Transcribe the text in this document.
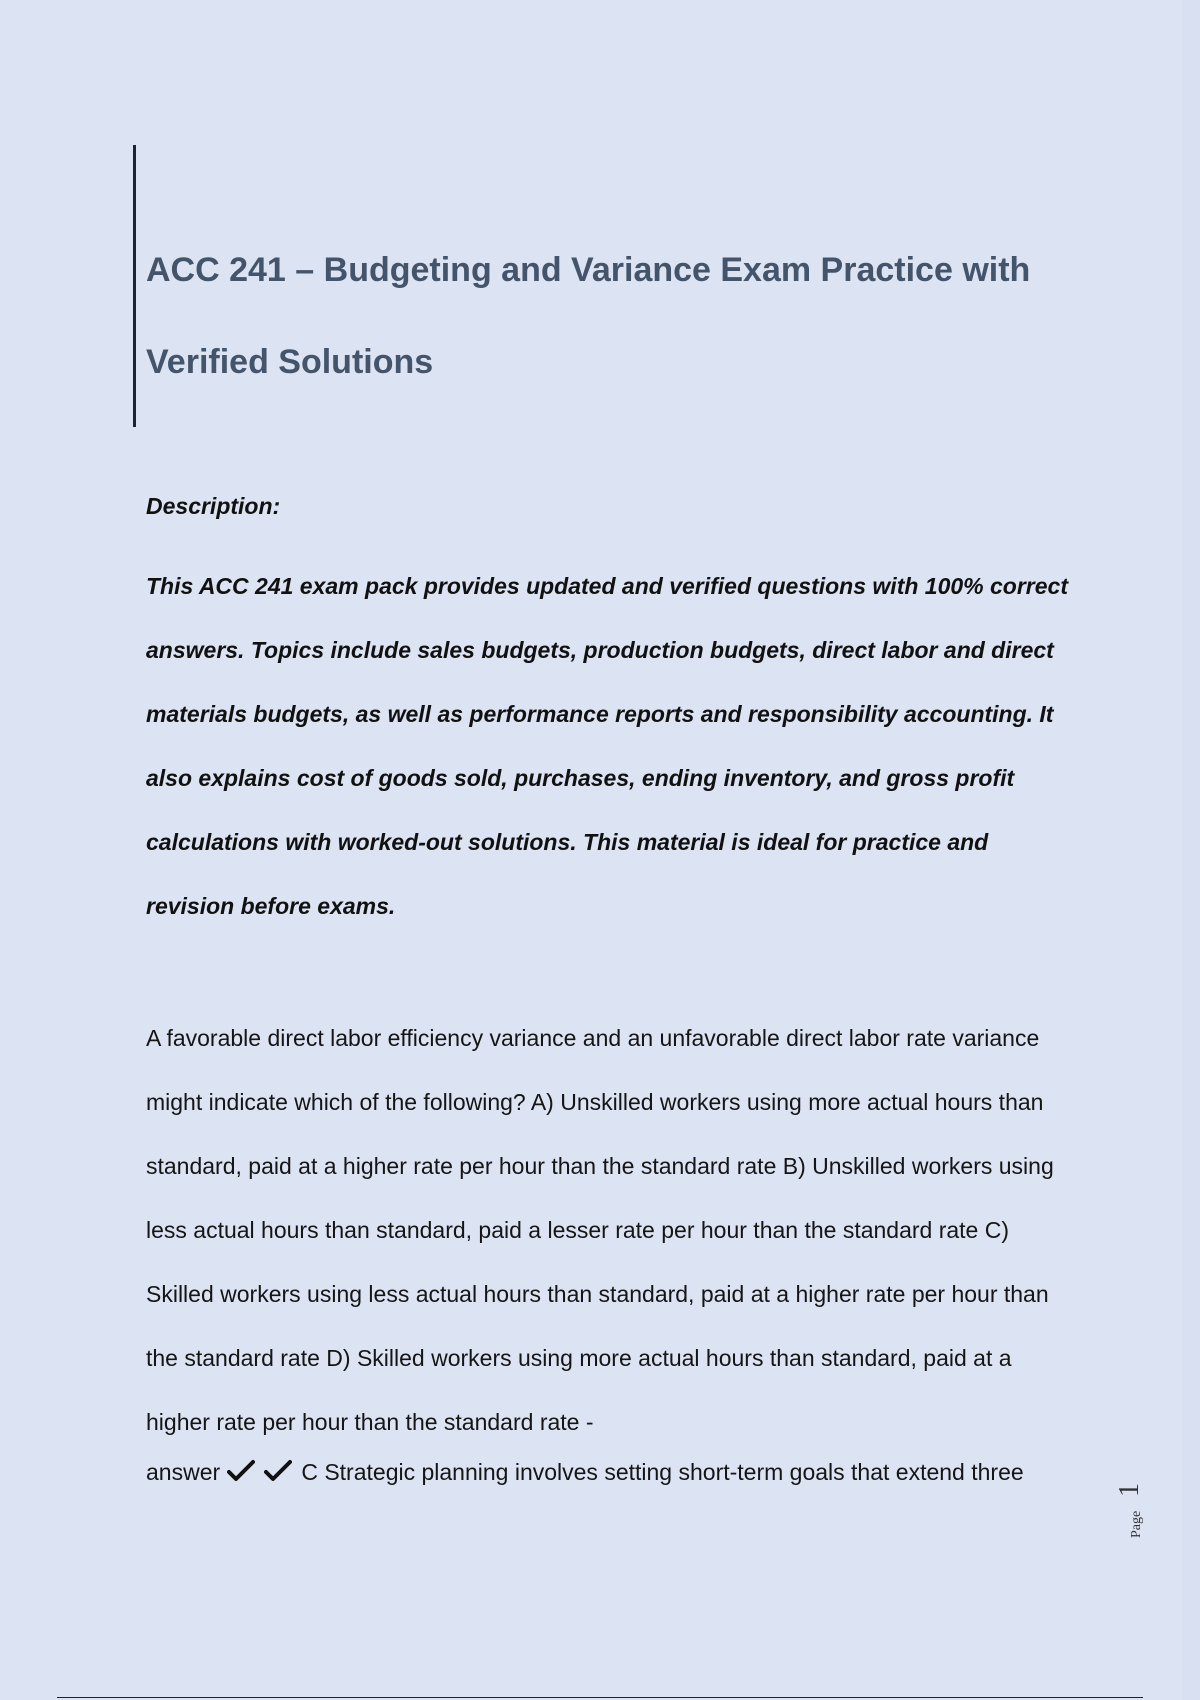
ACC 241 – Budgeting and Variance Exam Practice with Verified Solutions

Description:

This ACC 241 exam pack provides updated and verified questions with 100% correct answers. Topics include sales budgets, production budgets, direct labor and direct materials budgets, as well as performance reports and responsibility accounting. It also explains cost of goods sold, purchases, ending inventory, and gross profit calculations with worked-out solutions. This material is ideal for practice and revision before exams.

A favorable direct labor efficiency variance and an unfavorable direct labor rate variance might indicate which of the following? A) Unskilled workers using more actual hours than standard, paid at a higher rate per hour than the standard rate B) Unskilled workers using less actual hours than standard, paid a lesser rate per hour than the standard rate C) Skilled workers using less actual hours than standard, paid at a higher rate per hour than the standard rate D) Skilled workers using more actual hours than standard, paid at a higher rate per hour than the standard rate -

answer	C Strategic planning involves setting short-term goals that extend three

Page
1
